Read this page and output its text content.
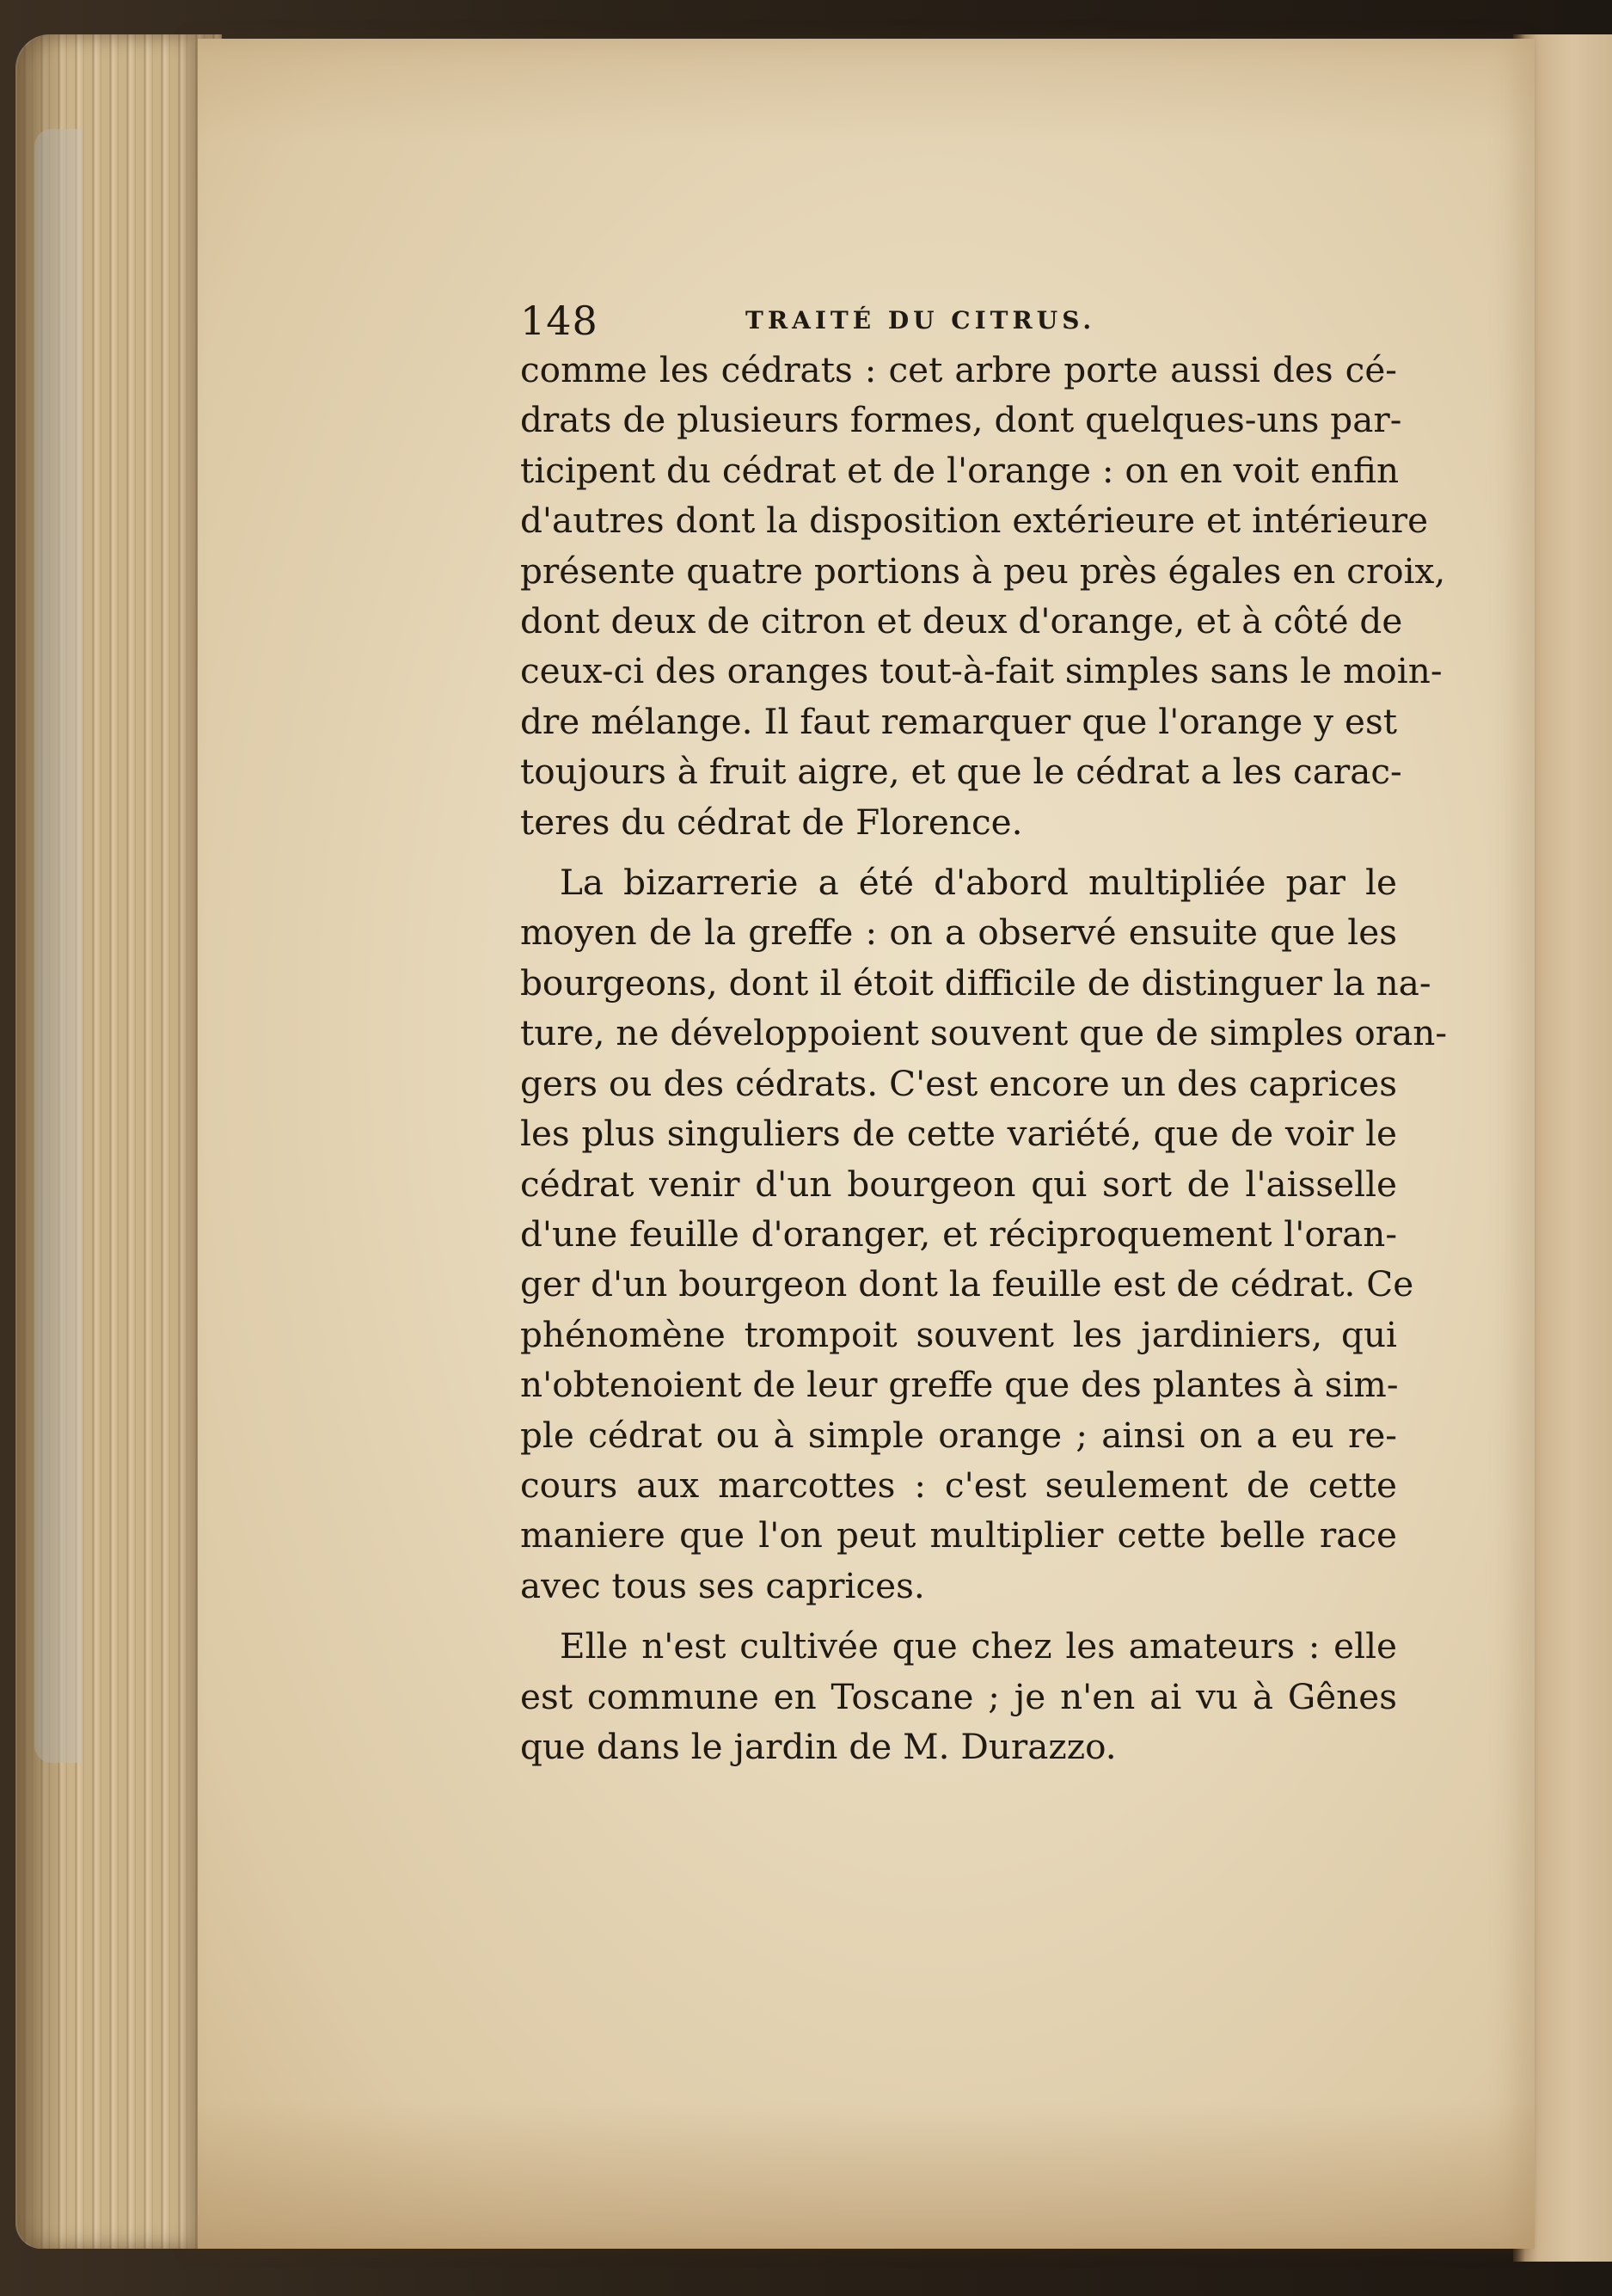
148	TRAITÉ DU CITRUS.
comme les cédrats : cet arbre porte aussi des cé-
drats de plusieurs formes, dont quelques-uns par-
ticipent du cédrat et de l'orange : on en voit enfin
d'autres dont la disposition extérieure et intérieure
présente quatre portions à peu près égales en croix,
dont deux de citron et deux d'orange, et à côté de
ceux-ci des oranges tout-à-fait simples sans le moin-
dre mélange. Il faut remarquer que l'orange y est
toujours à fruit aigre, et que le cédrat a les carac-
teres du cédrat de Florence.
La bizarrerie a été d'abord multipliée par le
moyen de la greffe : on a observé ensuite que les
bourgeons, dont il étoit difficile de distinguer la na-
ture, ne développoient souvent que de simples oran-
gers ou des cédrats. C'est encore un des caprices
les plus singuliers de cette variété, que de voir le
cédrat venir d'un bourgeon qui sort de l'aisselle
d'une feuille d'oranger, et réciproquement l'oran-
ger d'un bourgeon dont la feuille est de cédrat. Ce
phénomène trompoit souvent les jardiniers, qui
n'obtenoient de leur greffe que des plantes à sim-
ple cédrat ou à simple orange ; ainsi on a eu re-
cours aux marcottes : c'est seulement de cette
maniere que l'on peut multiplier cette belle race
avec tous ses caprices.
Elle n'est cultivée que chez les amateurs : elle
est commune en Toscane ; je n'en ai vu à Gênes
que dans le jardin de M. Durazzo.
